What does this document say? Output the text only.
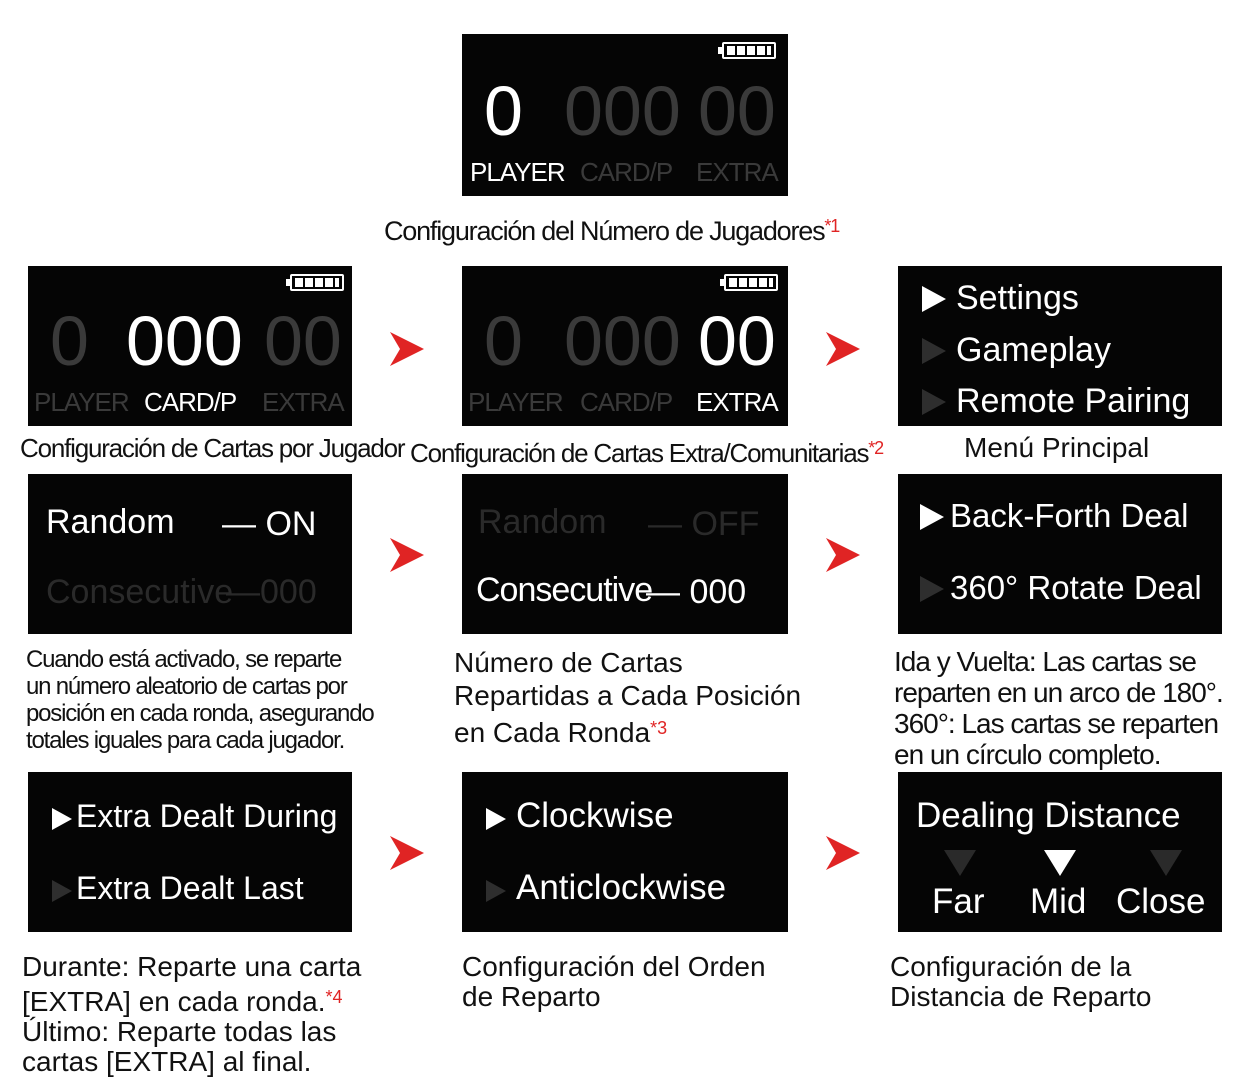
0 000 00
PLAYER CARD/P EXTRA
Configuración del Número de Jugadores$^{*1}$
0 000 00
PLAYER CARD/P EXTRA
Configuración de Cartas por Jugador
0 000 00
PLAYER CARD/P EXTRA
Configuración de Cartas Extra/Comunitarias$^{*2}$
Settings
Gameplay
Remote Pairing
Menú Principal
Random — ON
Consecutive
—000
Cuando está activado, se reparte
un número aleatorio de cartas por
posición en cada ronda, asegurando
totales iguales para cada jugador.
Random — OFF
Consecutive
— 000
Número de Cartas
Repartidas a Cada Posición
en Cada Ronda$^{*3}$
Back-Forth Deal
360° Rotate Deal
Ida y Vuelta: Las cartas se
reparten en un arco de 180°.
360°: Las cartas se reparten
en un círculo completo.
Extra Dealt During
Extra Dealt Last
Durante: Reparte una carta
[EXTRA] en cada ronda.$^{*4}$
Último: Reparte todas las
cartas [EXTRA] al final.
Clockwise
Anticlockwise
Configuración del Orden
de Reparto
Dealing Distance
Far Mid Close
Configuración de la
Distancia de Reparto
